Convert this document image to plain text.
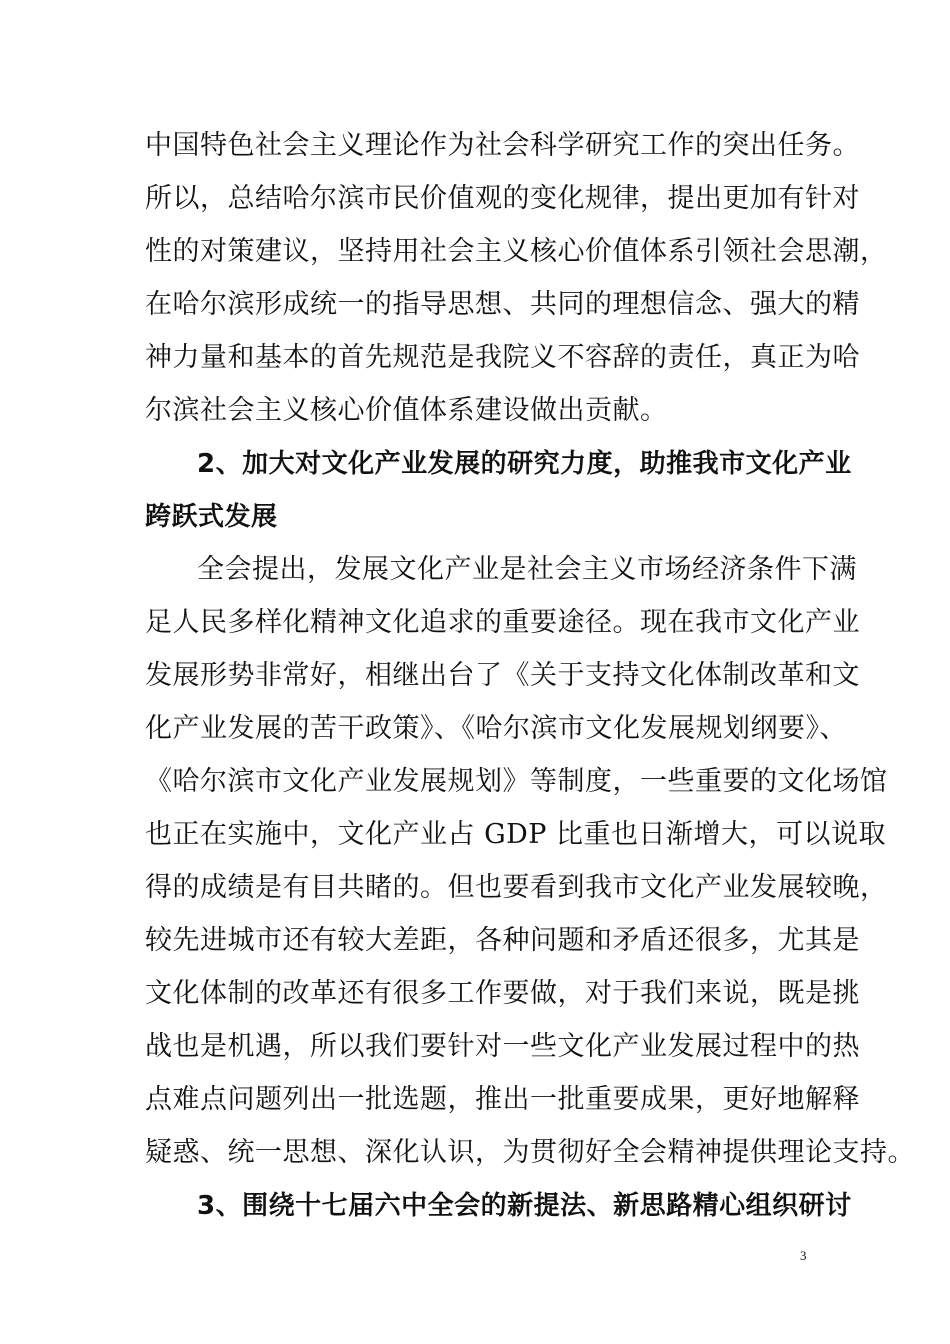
中国特色社会主义理论作为社会科学研究工作的突出任务。
所以，总结哈尔滨市民价值观的变化规律，提出更加有针对
性的对策建议，坚持用社会主义核心价值体系引领社会思潮，
在哈尔滨形成统一的指导思想、共同的理想信念、强大的精
神力量和基本的首先规范是我院义不容辞的责任，真正为哈
尔滨社会主义核心价值体系建设做出贡献。
2、加大对文化产业发展的研究力度，助推我市文化产业
跨跃式发展
全会提出，发展文化产业是社会主义市场经济条件下满
足人民多样化精神文化追求的重要途径。现在我市文化产业
发展形势非常好，相继出台了《关于支持文化体制改革和文
化产业发展的苦干政策》、《哈尔滨市文化发展规划纲要》、
《哈尔滨市文化产业发展规划》等制度，一些重要的文化场馆
也正在实施中，文化产业占 GDP 比重也日渐增大，可以说取
得的成绩是有目共睹的。但也要看到我市文化产业发展较晚，
较先进城市还有较大差距，各种问题和矛盾还很多，尤其是
文化体制的改革还有很多工作要做，对于我们来说，既是挑
战也是机遇，所以我们要针对一些文化产业发展过程中的热
点难点问题列出一批选题，推出一批重要成果，更好地解释
疑惑、统一思想、深化认识，为贯彻好全会精神提供理论支持。
3、围绕十七届六中全会的新提法、新思路精心组织研讨
3
